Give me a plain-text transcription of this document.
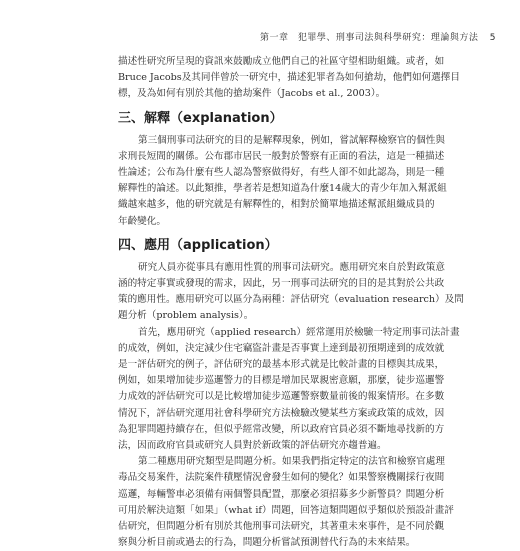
第一章 犯罪學、刑事司法與科學研究：理論與方法 5

描述性研究所呈現的資訊來鼓勵成立他們自己的社區守望相助組織。或者，如

Bruce Jacobs及其同伴曾於一研究中，描述犯罪者為如何搶劫，他們如何選擇目

標，及為如何有別於其他的搶劫案件（Jacobs et al., 2003）。

三、解釋（explanation）

第三個刑事司法研究的目的是解釋現象，例如，嘗試解釋檢察官的個性與

求刑長短間的關係。公布郡市居民一般對於警察有正面的看法，這是一種描述

性論述；公布為什麼有些人認為警察做得好，有些人卻不如此認為，則是一種

解釋性的論述。以此類推，學者若是想知道為什麼14歲大的青少年加入幫派組

織越來越多，他的研究就是有解釋性的，相對於簡單地描述幫派組織成員的

年齡變化。

四、應用（application）

研究人員亦從事具有應用性質的刑事司法研究。應用研究來自於對政策意

涵的特定事實或發現的需求，因此，另一刑事司法研究的目的是其對於公共政

策的應用性。應用研究可以區分為兩種：評估研究（evaluation research）及問

題分析（problem analysis）。

首先，應用研究（applied research）經常運用於檢驗一特定刑事司法計畫

的成效，例如，決定減少住宅竊盜計畫是否事實上達到最初預期達到的成效就

是一評估研究的例子，評估研究的最基本形式就是比較計畫的目標與其成果，

例如，如果增加徒步巡邏警力的目標是增加民眾親密意願，那麼，徒步巡邏警

力成效的評估研究可以是比較增加徒步巡邏警察數量前後的報案情形。在多數

情況下，評估研究運用社會科學研究方法檢驗改變某些方案或政策的成效，因

為犯罪問題持續存在，但似乎經常改變，所以政府官員必須不斷地尋找新的方

法，因而政府官員或研究人員對於新政策的評估研究亦趨普遍。

第二種應用研究類型是問題分析。如果我們指定特定的法官和檢察官處理

毒品交易案件，法院案件積壓情況會發生如何的變化？如果警察機關採行夜間

巡邏，每輛警車必須備有兩個警員配置，那麼必須招募多少新警員？問題分析

可用於解決這類「如果」（what if）問題，回答這類問題似乎類似於預設計畫評

估研究，但問題分析有別於其他刑事司法研究，其著重未來事件，是不同於觀

察與分析目前或過去的行為，問題分析嘗試預測替代行為的未來結果。
